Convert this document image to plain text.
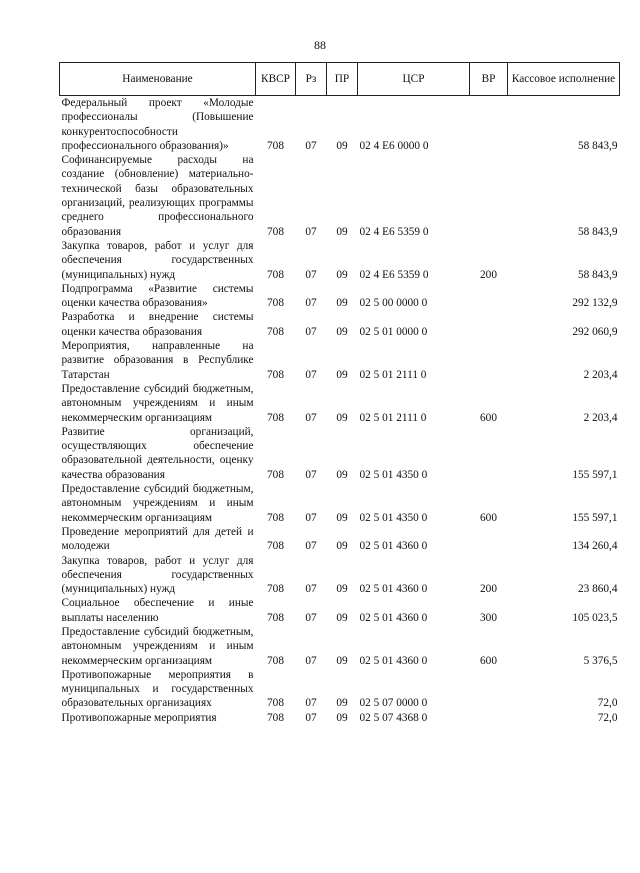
88
Наименование	КВСР	Рз	ПР	ЦСР	ВР	Кассовое исполнение
Федеральный проект «Молодые профессионалы (Повышение конкурентоспособности профессионального образования)»	708	07	09	02 4 Е6 0000 0		58 843,9
Софинансируемые расходы на создание (обновление) материально-технической базы образовательных организаций, реализующих программы среднего профессионального образования	708	07	09	02 4 Е6 5359 0		58 843,9
Закупка товаров, работ и услуг для обеспечения государственных (муниципальных) нужд	708	07	09	02 4 Е6 5359 0	200	58 843,9
Подпрограмма «Развитие системы оценки качества образования»	708	07	09	02 5 00 0000 0		292 132,9
Разработка и внедрение системы оценки качества образования	708	07	09	02 5 01 0000 0		292 060,9
Мероприятия, направленные на развитие образования в Республике Татарстан	708	07	09	02 5 01 2111 0		2 203,4
Предоставление субсидий бюджетным, автономным учреждениям и иным некоммерческим организациям	708	07	09	02 5 01 2111 0	600	2 203,4
Развитие организаций, осуществляющих обеспечение образовательной деятельности, оценку качества образования	708	07	09	02 5 01 4350 0		155 597,1
Предоставление субсидий бюджетным, автономным учреждениям и иным некоммерческим организациям	708	07	09	02 5 01 4350 0	600	155 597,1
Проведение мероприятий для детей и молодежи	708	07	09	02 5 01 4360 0		134 260,4
Закупка товаров, работ и услуг для обеспечения государственных (муниципальных) нужд	708	07	09	02 5 01 4360 0	200	23 860,4
Социальное обеспечение и иные выплаты населению	708	07	09	02 5 01 4360 0	300	105 023,5
Предоставление субсидий бюджетным, автономным учреждениям и иным некоммерческим организациям	708	07	09	02 5 01 4360 0	600	5 376,5
Противопожарные мероприятия в муниципальных и государственных образовательных организациях	708	07	09	02 5 07 0000 0		72,0
Противопожарные мероприятия	708	07	09	02 5 07 4368 0		72,0
